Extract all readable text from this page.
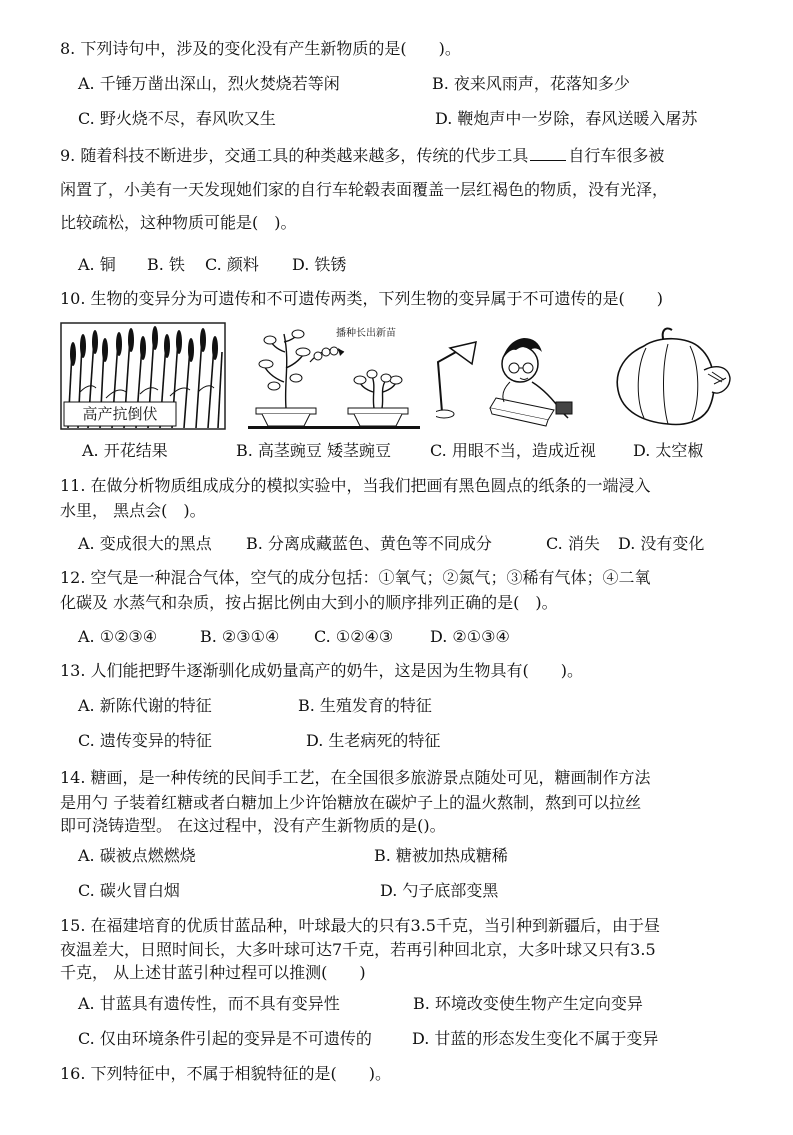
8. 下列诗句中，涉及的变化没有产生新物质的是(　　)。
A. 千锤万凿出深山，烈火焚烧若等闲	B. 夜来风雨声，花落知多少
C. 野火烧不尽，春风吹又生	D. 鞭炮声中一岁除，春风送暖入屠苏
9. 随着科技不断进步，交通工具的种类越来越多，传统的代步工具	自行车很多被
闲置了，小美有一天发现她们家的自行车轮毂表面覆盖一层红褐色的物质，没有光泽，
比较疏松，这种物质可能是(　)。
A. 铜 B. 铁 C. 颜料 D. 铁锈
10. 生物的变异分为可遗传和不可遗传两类，下列生物的变异属于不可遗传的是(　　)
高产抗倒伏
播种长出新苗
A. 开花结果	B. 高茎豌豆 矮茎豌豆 C. 用眼不当，造成近视 D. 太空椒
11. 在做分析物质组成成分的模拟实验中，当我们把画有黑色圆点的纸条的一端浸入
水里， 黑点会(　)。
A. 变成很大的黑点 B. 分离成藏蓝色、黄色等不同成分	C. 消失 D. 没有变化
12. 空气是一种混合气体，空气的成分包括：①氧气；②氮气；③稀有气体；④二氧
化碳及 水蒸气和杂质，按占据比例由大到小的顺序排列正确的是(　)。
A. ①②③④	B. ②③①④ C. ①②④③ D. ②①③④
13. 人们能把野牛逐渐驯化成奶量高产的奶牛，这是因为生物具有(　　)。
A. 新陈代谢的特征	B. 生殖发育的特征
C. 遗传变异的特征	D. 生老病死的特征
14. 糖画，是一种传统的民间手工艺，在全国很多旅游景点随处可见，糖画制作方法
是用勺 子装着红糖或者白糖加上少许饴糖放在碳炉子上的温火熬制，熬到可以拉丝
即可浇铸造型。 在这过程中，没有产生新物质的是()。
A. 碳被点燃燃烧	B. 糖被加热成糖稀
C. 碳火冒白烟	D. 勺子底部变黑
15. 在福建培育的优质甘蓝品种，叶球最大的只有3.5千克，当引种到新疆后，由于昼
夜温差大，日照时间长，大多叶球可达7千克，若再引种回北京，大多叶球又只有3.5
千克， 从上述甘蓝引种过程可以推测(　　)
A. 甘蓝具有遗传性，而不具有变异性	B. 环境改变使生物产生定向变异
C. 仅由环境条件引起的变异是不可遗传的	D. 甘蓝的形态发生变化不属于变异
16. 下列特征中，不属于相貌特征的是(　　)。
